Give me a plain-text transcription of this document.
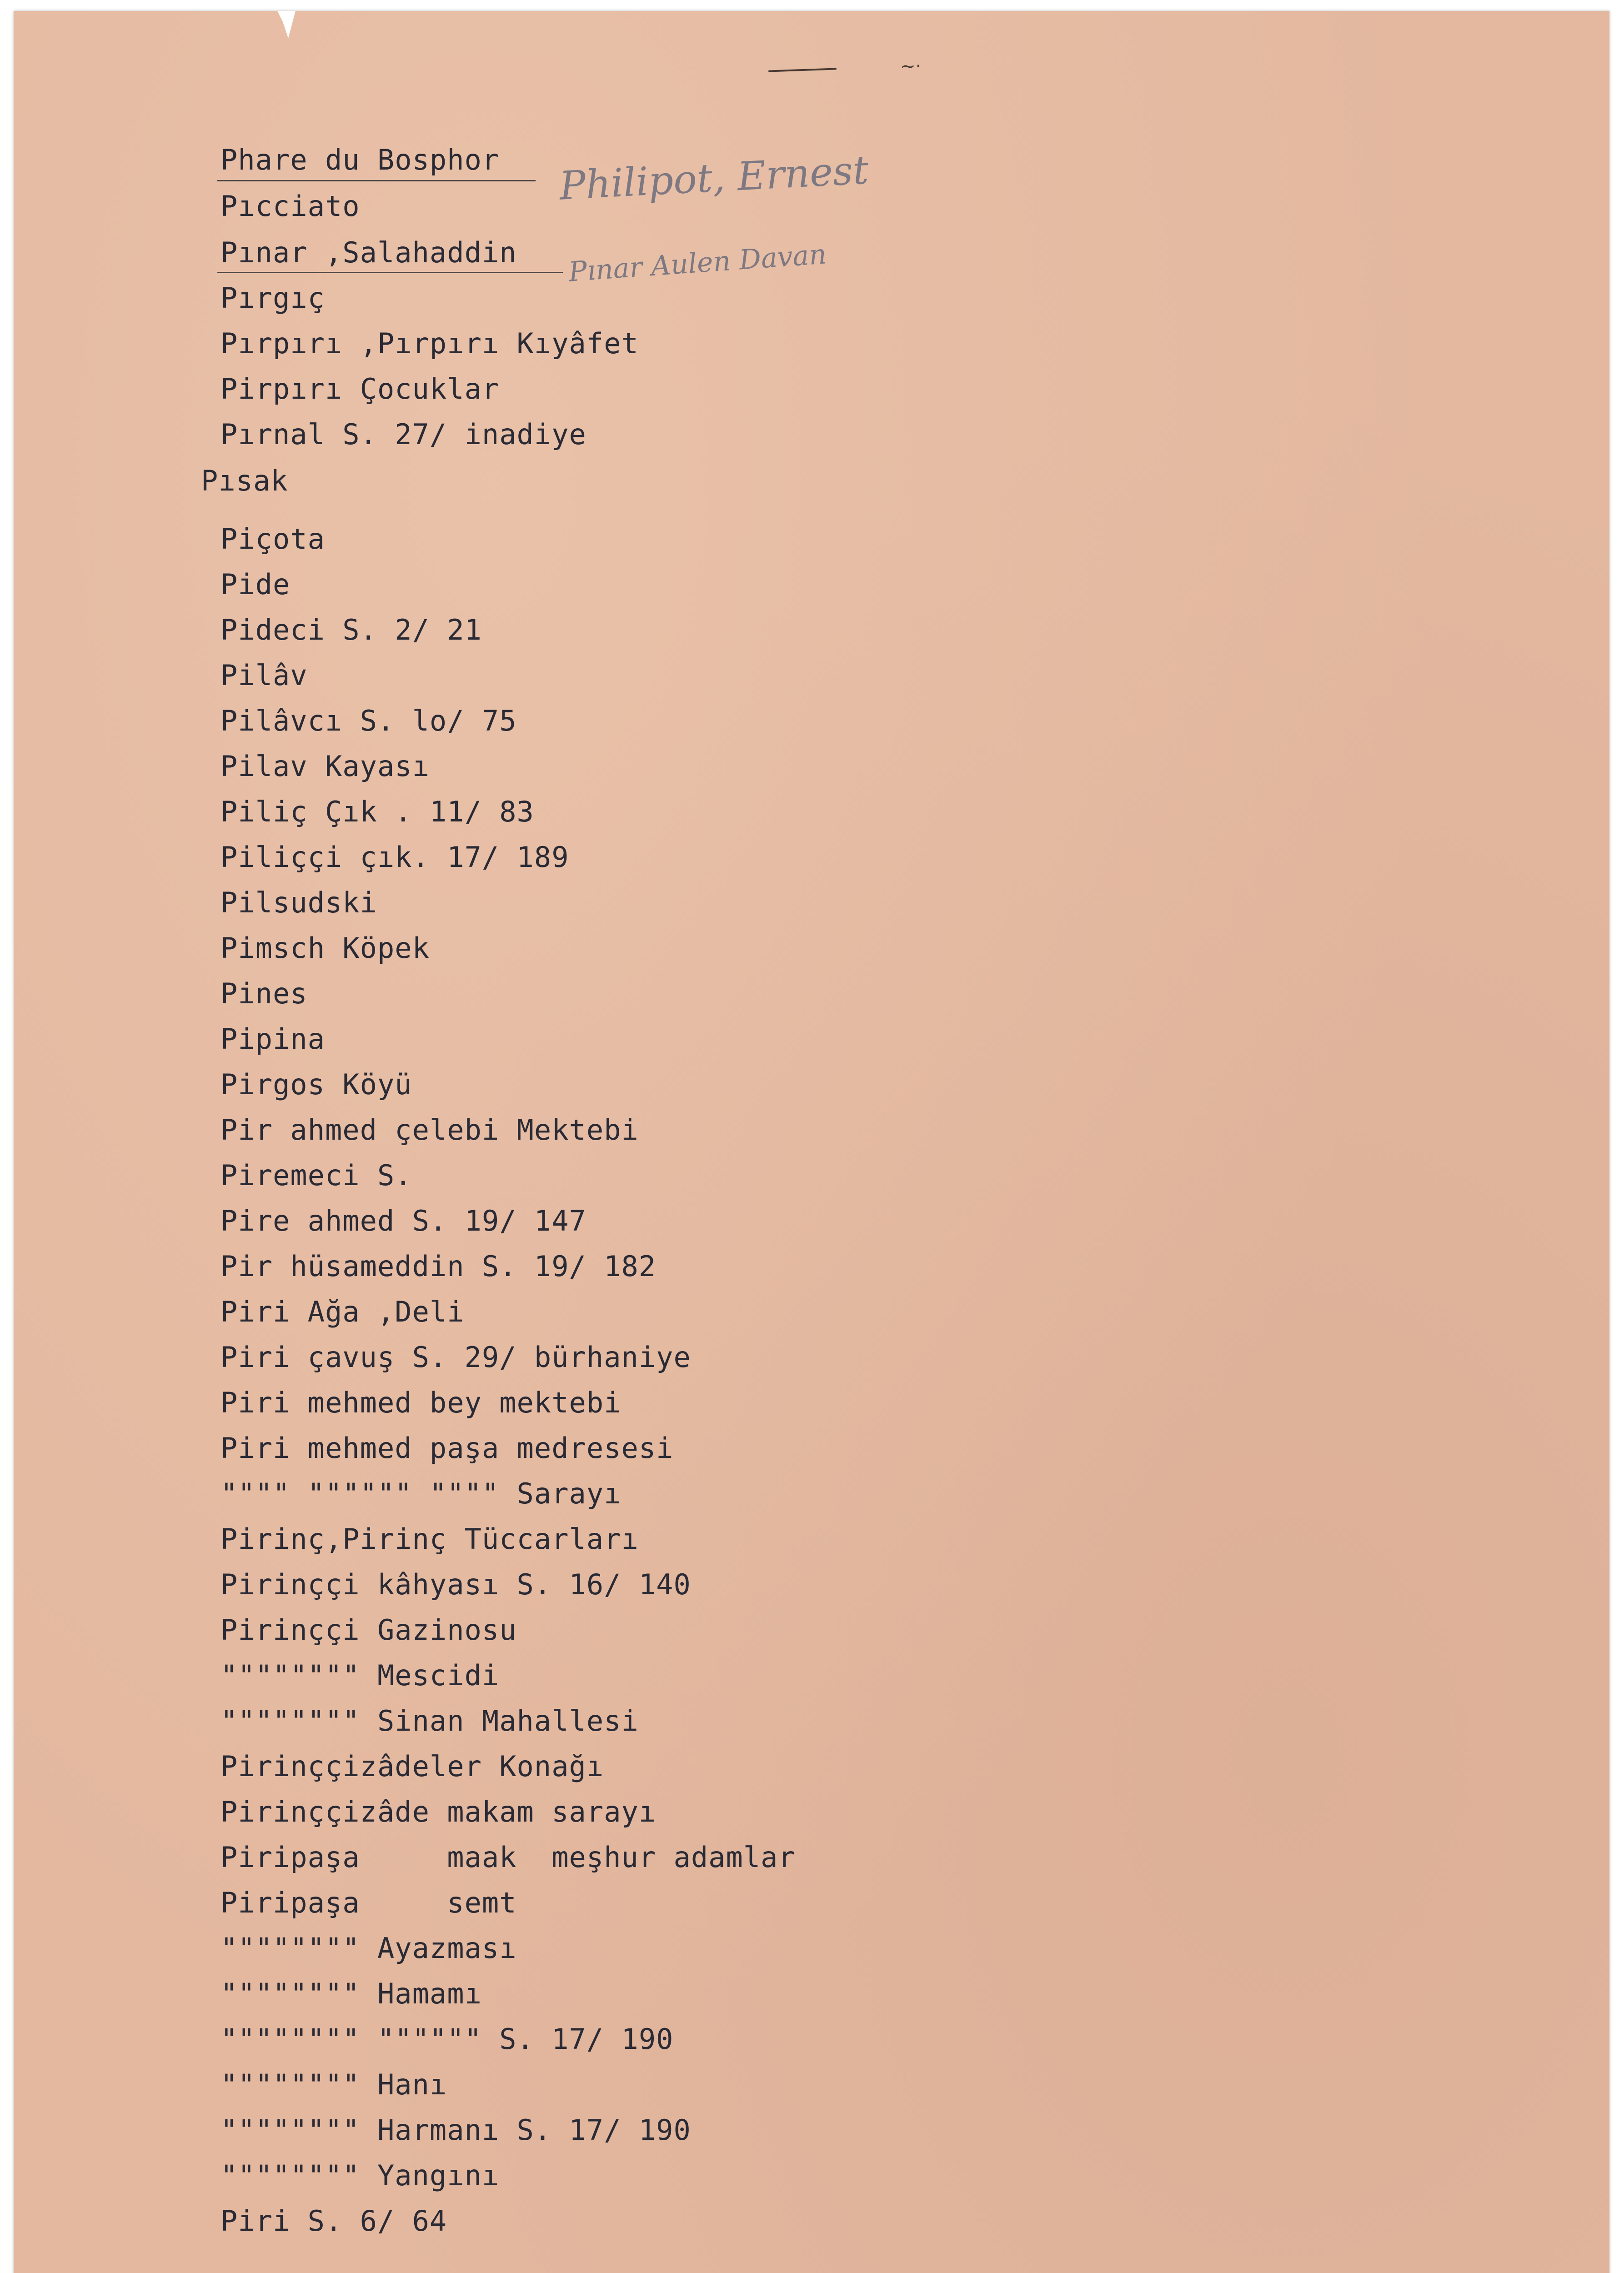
~·
Phare du Bosphor
Pıcciato
Pınar ,Salahaddin
Pırgıç
Pırpırı ,Pırpırı Kıyâfet
Pirpırı Çocuklar
Pırnal S. 27/ inadiye
Pısak
Piçota
Pide
Pideci S. 2/ 21
Pilâv
Pilâvcı S. lo/ 75
Pilav Kayası
Piliç Çık . 11/ 83
Piliççi çık. 17/ 189
Pilsudski
Pimsch Köpek
Pines
Pipina
Pirgos Köyü
Pir ahmed çelebi Mektebi
Piremeci S.
Pire ahmed S. 19/ 147
Pir hüsameddin S. 19/ 182
Piri Ağa ,Deli
Piri çavuş S. 29/ bürhaniye
Piri mehmed bey mektebi
Piri mehmed paşa medresesi
"""" """""" """" Sarayı
Pirinç,Pirinç Tüccarları
Pirinççi kâhyası S. 16/ 140
Pirinççi Gazinosu
"""""""" Mescidi
"""""""" Sinan Mahallesi
Pirinççizâdeler Konağı
Pirinççizâde makam sarayı
Piripaşa     maak  meşhur adamlar
Piripaşa     semt
"""""""" Ayazması
"""""""" Hamamı
"""""""" """""" S. 17/ 190
"""""""" Hanı
"""""""" Harmanı S. 17/ 190
"""""""" Yangını
Piri S. 6/ 64
Philipot, Ernest
Pınar Aulen Davan
